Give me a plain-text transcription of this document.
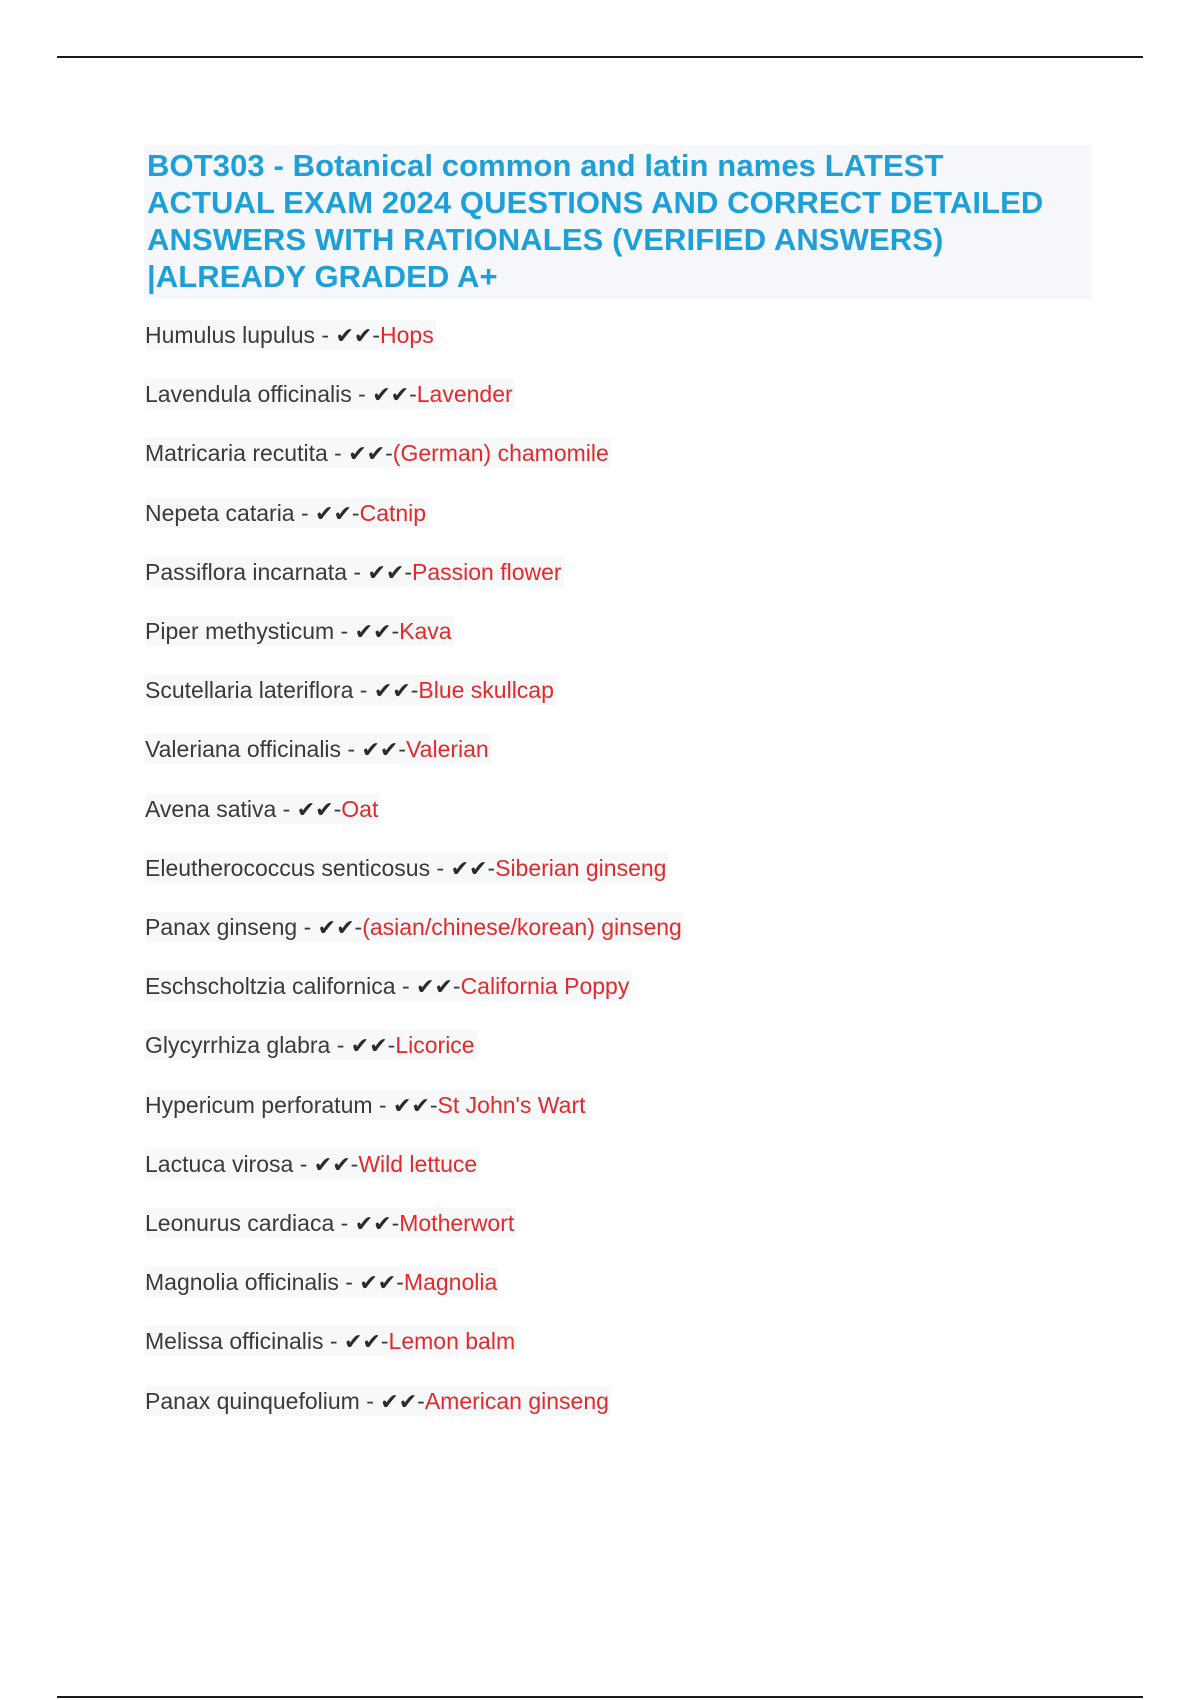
BOT303 - Botanical common and latin names LATEST
ACTUAL EXAM 2024 QUESTIONS AND CORRECT DETAILED
ANSWERS WITH RATIONALES (VERIFIED ANSWERS)
|ALREADY GRADED A+
Humulus lupulus - ✔✔-Hops
Lavendula officinalis - ✔✔-Lavender
Matricaria recutita - ✔✔-(German) chamomile
Nepeta cataria - ✔✔-Catnip
Passiflora incarnata - ✔✔-Passion flower
Piper methysticum - ✔✔-Kava
Scutellaria lateriflora - ✔✔-Blue skullcap
Valeriana officinalis - ✔✔-Valerian
Avena sativa - ✔✔-Oat
Eleutherococcus senticosus - ✔✔-Siberian ginseng
Panax ginseng - ✔✔-(asian/chinese/korean) ginseng
Eschscholtzia californica - ✔✔-California Poppy
Glycyrrhiza glabra - ✔✔-Licorice
Hypericum perforatum - ✔✔-St John's Wart
Lactuca virosa - ✔✔-Wild lettuce
Leonurus cardiaca - ✔✔-Motherwort
Magnolia officinalis - ✔✔-Magnolia
Melissa officinalis - ✔✔-Lemon balm
Panax quinquefolium - ✔✔-American ginseng
